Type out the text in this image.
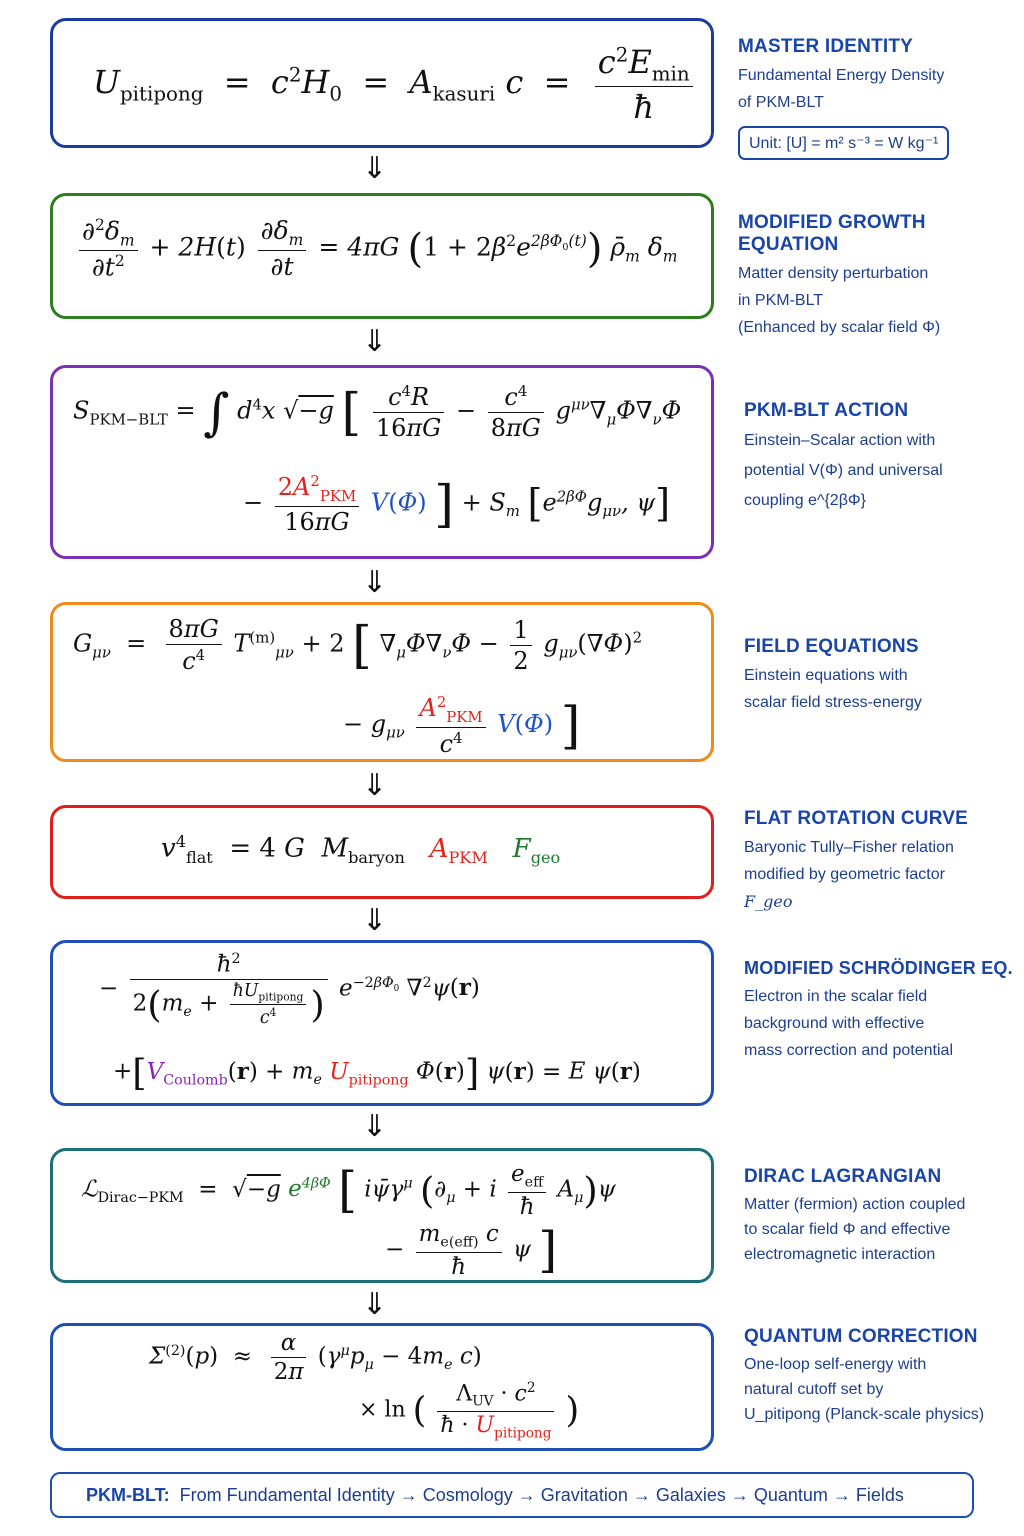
$U_{pitipong} = c^2H_0 = A_{kasuri}$ $c = \frac{c^2E_{min}}{ħ}$
⇓
$\frac{\partial^2\delta_m}{\partial t^2} + 2H(t) \frac{\partial\delta_m}{\partial t} = 4\pi G$ $(1 + 2\beta^2e^{2\beta\Phi_0(t)})$ $\rhō_m$ $\delta_m$
⇓
$S_{PKM-BLT}$ = ∫ $d^4x$ √−g [ $\frac{c^4R}{16\pi G} - \frac{c^4}{8\pi G} g^{\mu\nu}\nabla_\mu\Phi\nabla_\nu\Phi$
− $\frac{2A^2_{PKM}}{16\pi G} V(\Phi)$ ] + $S_m$ [$e^{2\beta\Phi}g_{\mu\nu}$, ψ]
⇓
$G_{\mu\nu} = \frac{8\pi G}{c^4} T^{(m)}_{\mu\nu} + 2$ [ $\nabla_\mu\Phi\nabla_\nu\Phi - \frac{1}{2} g_{\mu\nu}(\nabla\Phi)^2$
− $g_{\mu\nu} \frac{A^2_{PKM}}{c^4} V(\Phi)$ ]
⇓
$v^4_{flat} = 4$ G  $M_{baryon}$ $A_{PKM}$ $F_{geo}$
⇓
− $\frac{ħ^2}{2(m_e + \frac{ħU_{pitipong}}{c^4} )} e^{-2\beta\Phi_0}$ ∇$^2$ψ(r)
$+[V_{Coulomb}(r) + m_e$ $U_{pitipong}$ Φ(r)] ψ(r) = E ψ(r)
⇓
ℒ$_{Dirac-PKM}$ =  √−g $e^{4\beta\Phi}$ [ $i\psī\gamma^\mu$ $(\partial_\mu + i \frac{e_{eff}}{ħ} A_\mu)\psi$
− $\frac{m_{e(eff)} c}{ħ}$ ψ ]
⇓
$\Sigma^{(2)}(p) \approx \frac{\alpha}{2\pi} (\gamma^\mu p_\mu - 4m_e$ c)
× ln ( $\frac{\Lambda_{UV} \cdot c^2}{ħ \cdot U_{pitipong}}$ )
MASTER IDENTITY
Fundamental Energy Density
of PKM-BLT
Unit: [U] = m² s⁻³ = W kg⁻¹
MODIFIED GROWTH EQUATION
Matter density perturbation
in PKM-BLT
(Enhanced by scalar field Φ)
PKM-BLT ACTION
Einstein–Scalar action with
potential V(Φ) and universal
coupling e^{2βΦ}
FIELD EQUATIONS
Einstein equations with
scalar field stress-energy
FLAT ROTATION CURVE
Baryonic Tully–Fisher relation
modified by geometric factor
F_geo
MODIFIED SCHRÖDINGER EQ.
Electron in the scalar field
background with effective
mass correction and potential
DIRAC LAGRANGIAN
Matter (fermion) action coupled
to scalar field Φ and effective
electromagnetic interaction
QUANTUM CORRECTION
One-loop self-energy with
natural cutoff set by
U_pitipong (Planck-scale physics)
PKM-BLT: From Fundamental Identity → Cosmology → Gravitation → Galaxies → Quantum → Fields
